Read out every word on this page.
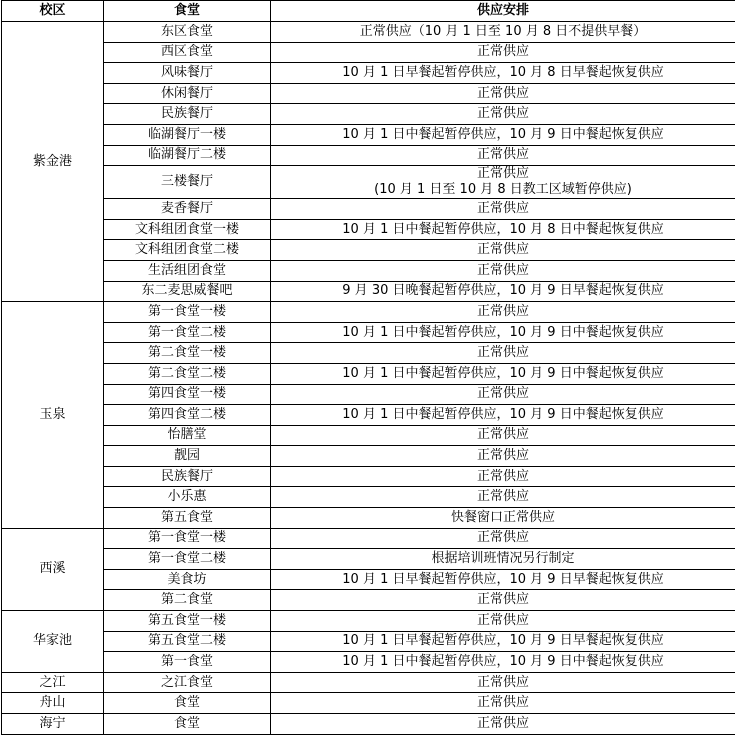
校区	食堂	供应安排
紫金港	东区食堂	正常供应（10 月 1 日至 10 月 8 日不提供早餐）
	西区食堂	正常供应
	风味餐厅	10 月 1 日早餐起暂停供应，10 月 8 日早餐起恢复供应
	休闲餐厅	正常供应
	民族餐厅	正常供应
	临湖餐厅一楼	10 月 1 日中餐起暂停供应，10 月 9 日中餐起恢复供应
	临湖餐厅二楼	正常供应
	三楼餐厅	正常供应
(10 月 1 日至 10 月 8 日教工区域暂停供应)

	麦香餐厅	正常供应
	文科组团食堂一楼	10 月 1 日中餐起暂停供应，10 月 8 日中餐起恢复供应
	文科组团食堂二楼	正常供应
	生活组团食堂	正常供应
	东二麦思威餐吧	9 月 30 日晚餐起暂停供应，10 月 9 日早餐起恢复供应
玉泉	第一食堂一楼	正常供应
	第一食堂二楼	10 月 1 日中餐起暂停供应，10 月 9 日中餐起恢复供应
	第二食堂一楼	正常供应
	第二食堂二楼	10 月 1 日中餐起暂停供应，10 月 9 日中餐起恢复供应
	第四食堂一楼	正常供应
	第四食堂二楼	10 月 1 日中餐起暂停供应，10 月 9 日中餐起恢复供应
	怡膳堂	正常供应
	靓园	正常供应
	民族餐厅	正常供应
	小乐惠	正常供应
	第五食堂	快餐窗口正常供应
西溪	第一食堂一楼	正常供应
	第一食堂二楼	根据培训班情况另行制定
	美食坊	10 月 1 日早餐起暂停供应，10 月 9 日早餐起恢复供应
	第二食堂	正常供应
华家池	第五食堂一楼	正常供应
	第五食堂二楼	10 月 1 日早餐起暂停供应，10 月 9 日早餐起恢复供应
	第一食堂	10 月 1 日中餐起暂停供应，10 月 9 日中餐起恢复供应
之江	之江食堂	正常供应
舟山	食堂	正常供应
海宁	食堂	正常供应
